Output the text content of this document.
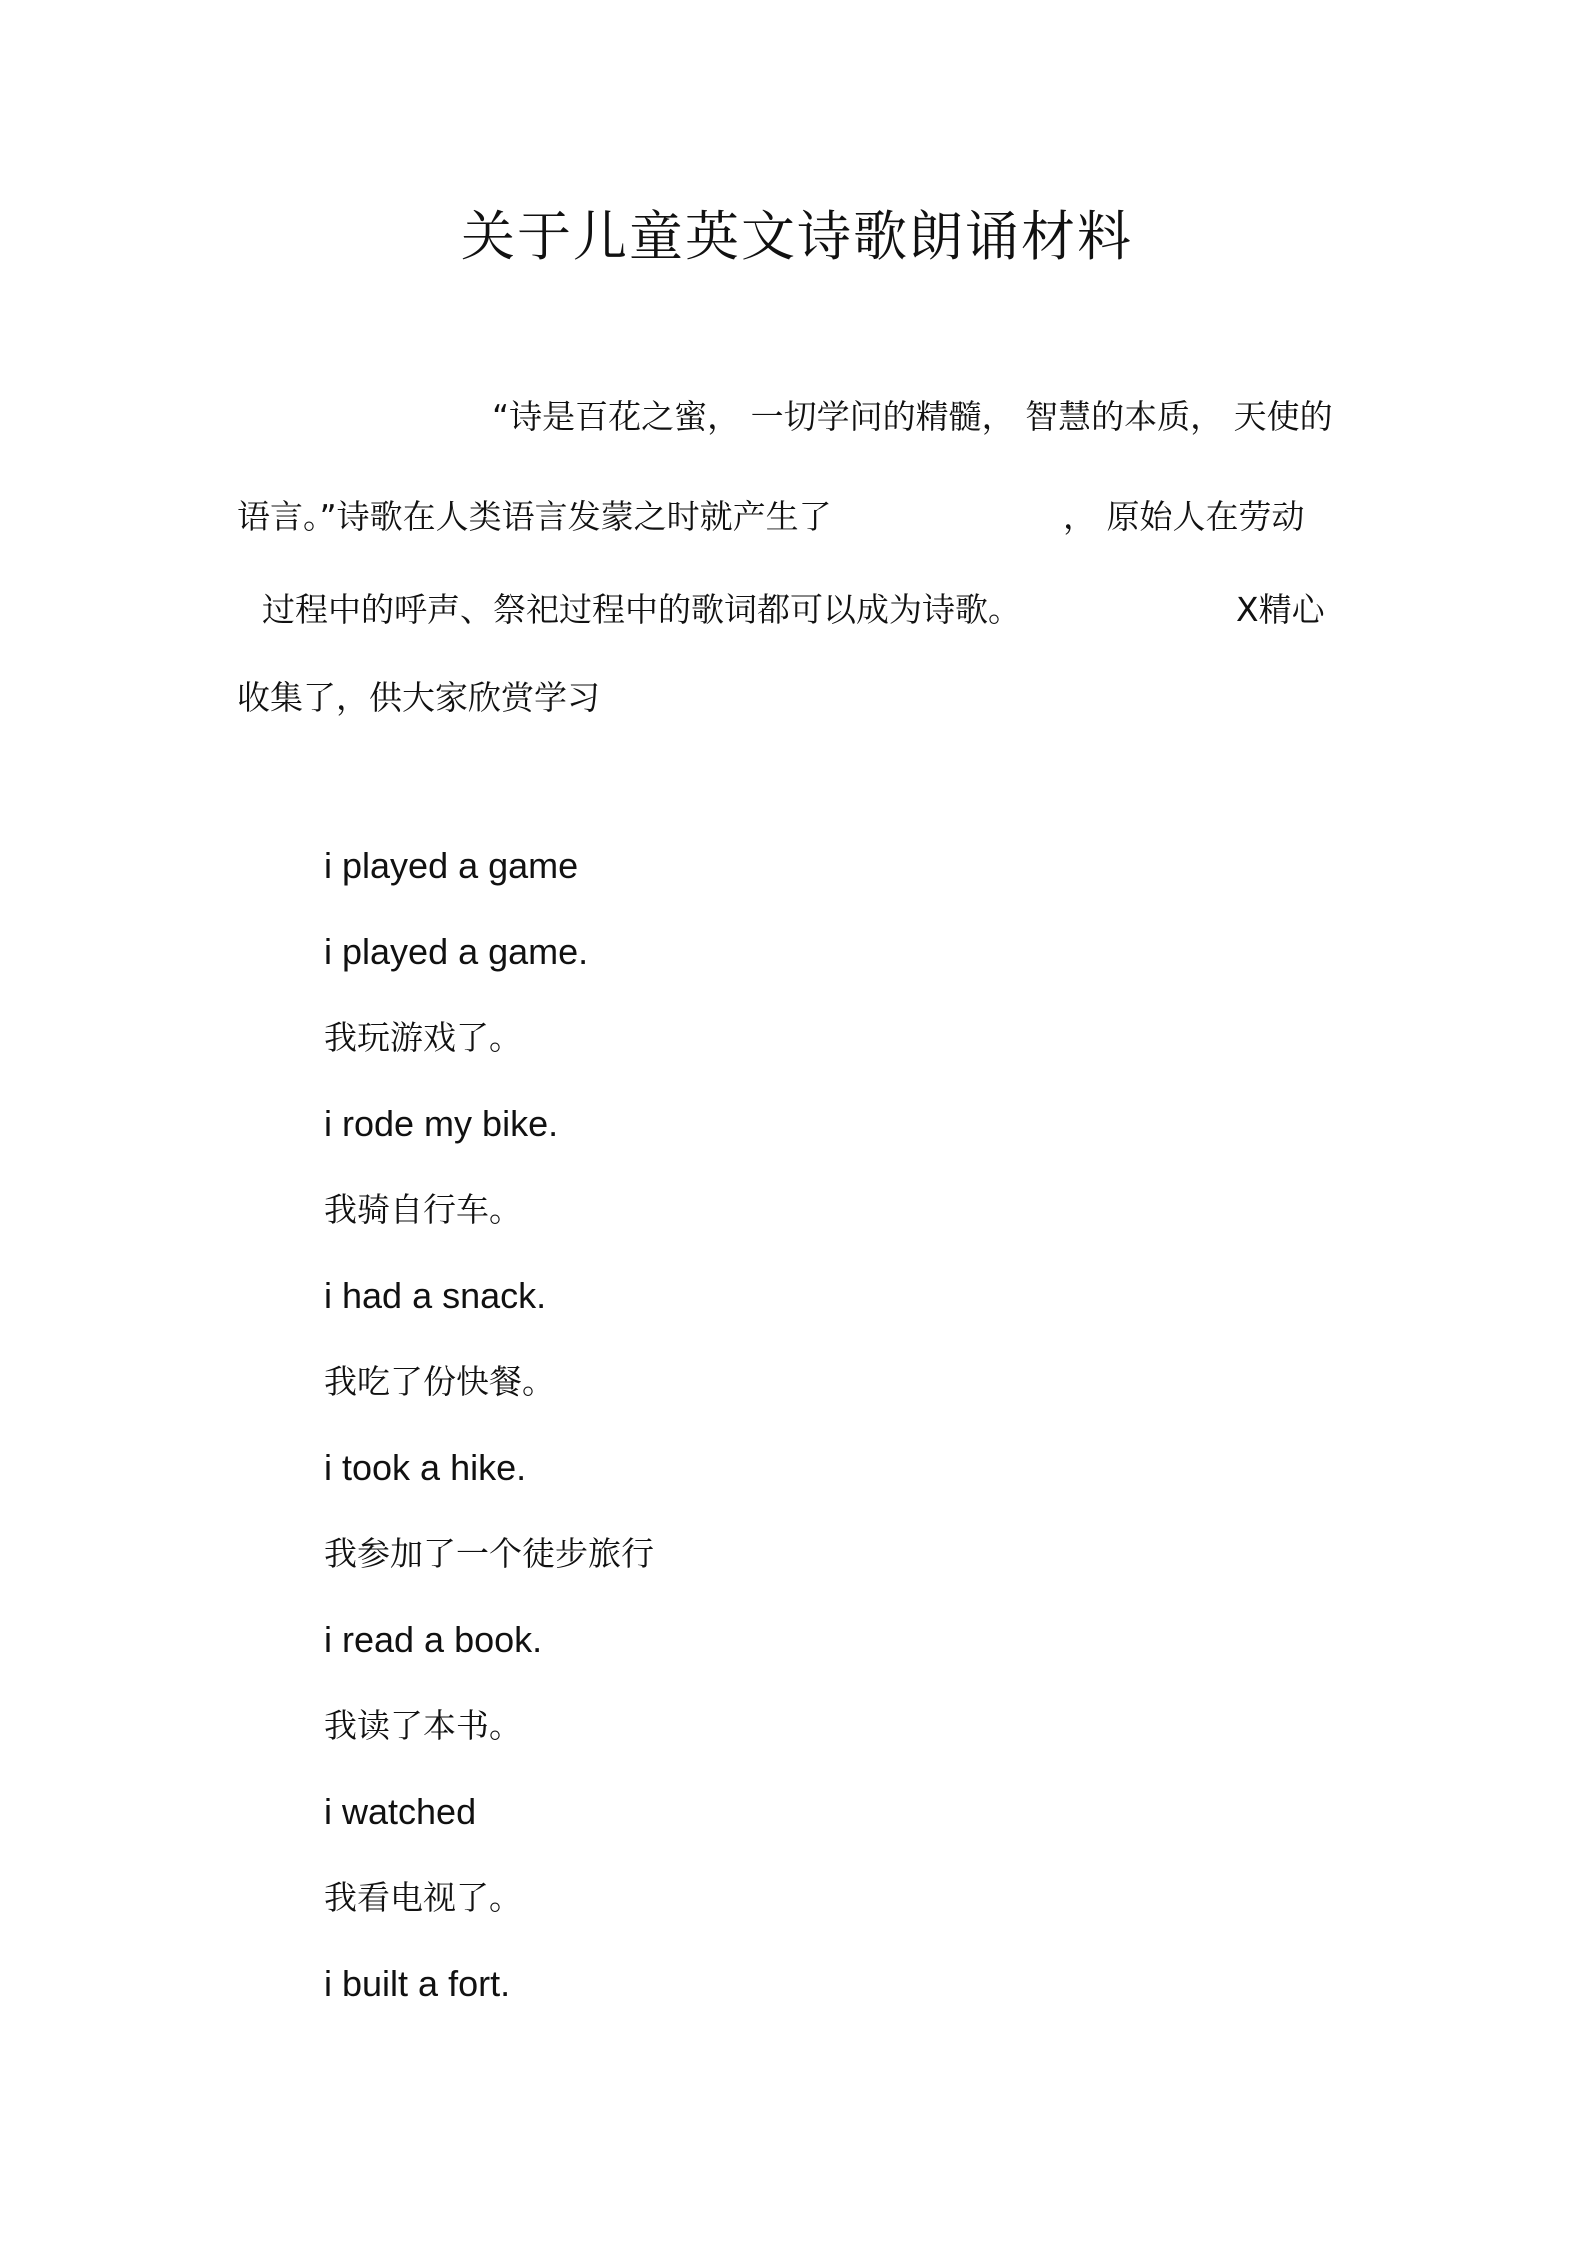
关于儿童英文诗歌朗诵材料
“诗是百花之蜜， 一切学问的精髓， 智慧的本质， 天使的
语言。”诗歌在人类语言发蒙之时就产生了	， 原始人在劳动
过程中的呼声、祭祀过程中的歌词都可以成为诗歌。	X精心
收集了，供大家欣赏学习
i played a game
i played a game.
我玩游戏了。
i rode my bike.
我骑自行车。
i had a snack.
我吃了份快餐。
i took a hike.
我参加了一个徒步旅行
i read a book.
我读了本书。
i watched
我看电视了。
i built a fort.
